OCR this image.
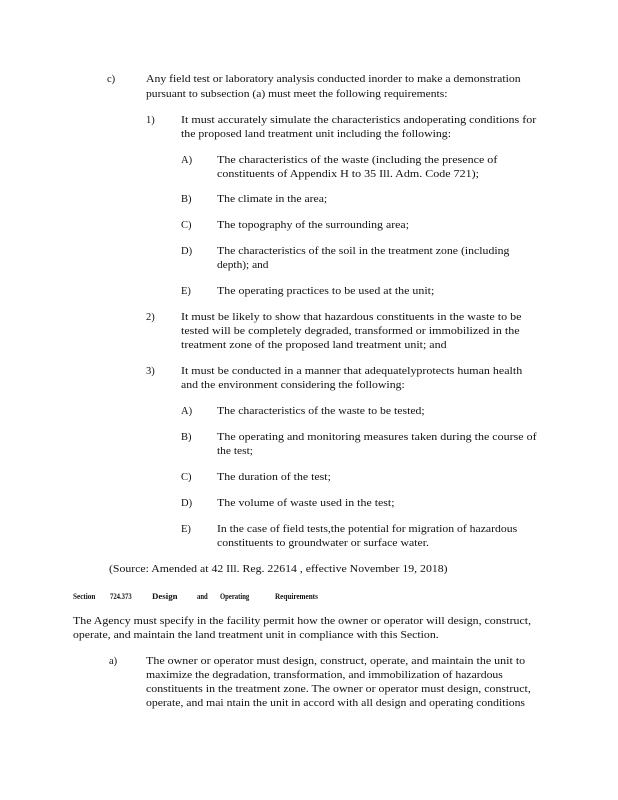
c)	Any field test or laboratory analysis conducted inorder to make a demonstration
pursuant to subsection (a) must meet the following requirements:
1)	It must accurately simulate the characteristics andoperating conditions for
the proposed land treatment unit including the following:
A) The characteristics of the waste (including the presence of
constituents of Appendix H to 35 Ill. Adm. Code 721);
B) The climate in the area;
C) The topography of the surrounding area;
D) The characteristics of the soil in the treatment zone (including
depth); and
E) The operating practices to be used at the unit;
2)	It must be likely to show that hazardous constituents in the waste to be
tested will be completely degraded, transformed or immobilized in the
treatment zone of the proposed land treatment unit; and
3)	It must be conducted in a manner that adequatelyprotects human health
and the environment considering the following:
A) The characteristics of the waste to be tested;
B) The operating and monitoring measures taken during the course of
the test;
C) The duration of the test;
D) The volume of waste used in the test;
E) In the case of field tests,the potential for migration of hazardous
constituents to groundwater or surface water.
(Source: Amended at 42 Ill. Reg. 22614 , effective November 19, 2018)
Section 724.373 Design and Operating	Requirements
The Agency must specify in the facility permit how the owner or operator will design, construct,
operate, and maintain the land treatment unit in compliance with this Section.
a)	The owner or operator must design, construct, operate, and maintain the unit to
maximize the degradation, transformation, and immobilization of hazardous
constituents in the treatment zone. The owner or operator must design, construct,
operate, and mai ntain the unit in accord with all design and operating conditions
